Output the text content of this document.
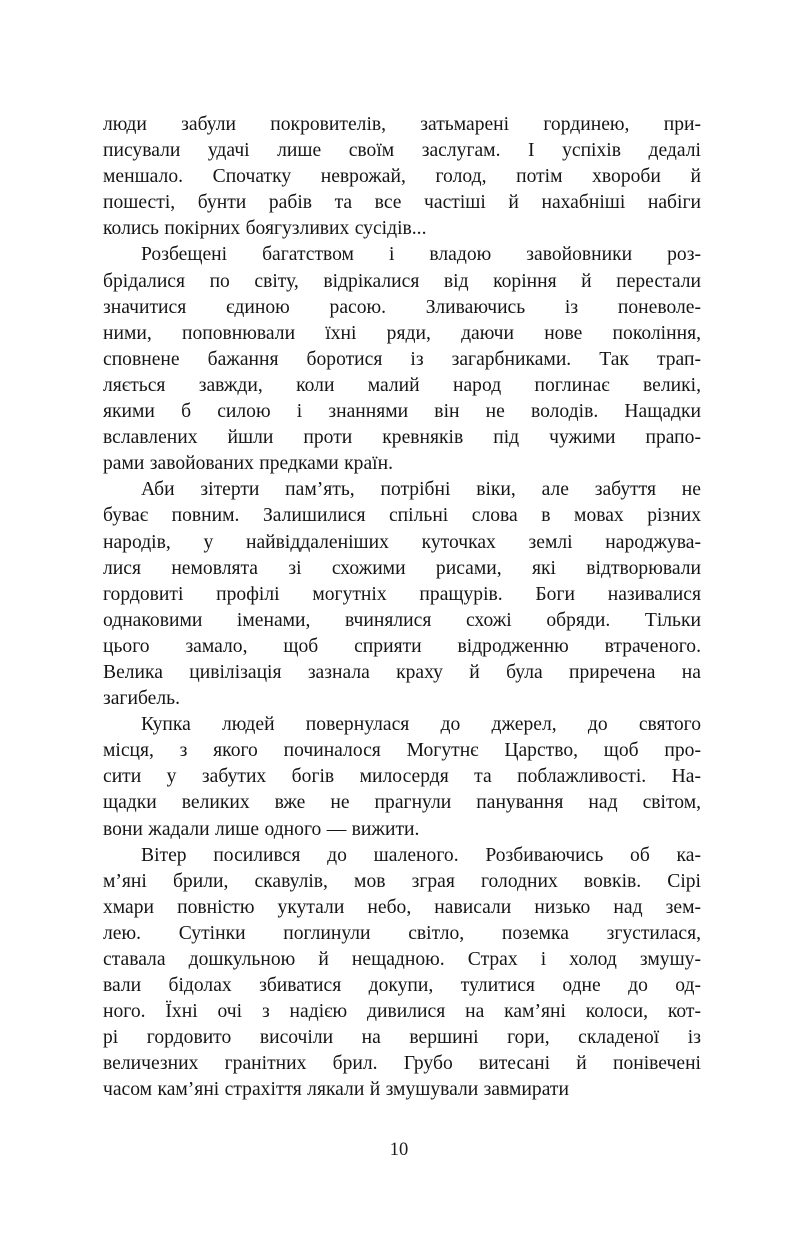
люди забули покровителів, затьмарені гординею, при-
писували удачі лише своїм заслугам. І успіхів дедалі
меншало. Спочатку неврожай, голод, потім хвороби й
пошесті, бунти рабів та все частіші й нахабніші набіги
колись покірних боягузливих сусідів...
Розбещені багатством і владою завойовники роз-
брідалися по світу, відрікалися від коріння й перестали
значитися єдиною расою. Зливаючись із поневоле-
ними, поповнювали їхні ряди, даючи нове покоління,
сповнене бажання боротися із загарбниками. Так трап-
ляється завжди, коли малий народ поглинає великі,
якими б силою і знаннями він не володів. Нащадки
вславлених йшли проти кревняків під чужими прапо-
рами завойованих предками країн.
Аби зітерти пам’ять, потрібні віки, але забуття не
буває повним. Залишилися спільні слова в мовах різних
народів, у найвіддаленіших куточках землі народжува-
лися немовлята зі схожими рисами, які відтворювали
гордовиті профілі могутніх пращурів. Боги називалися
однаковими іменами, вчинялися схожі обряди. Тільки
цього замало, щоб сприяти відродженню втраченого.
Велика цивілізація зазнала краху й була приречена на
загибель.
Купка людей повернулася до джерел, до святого
місця, з якого починалося Могутнє Царство, щоб про-
сити у забутих богів милосердя та поблажливості. На-
щадки великих вже не прагнули панування над світом,
вони жадали лише одного — вижити.
Вітер посилився до шаленого. Розбиваючись об ка-
м’яні брили, скавулів, мов зграя голодних вовків. Сірі
хмари повністю укутали небо, нависали низько над зем-
лею. Сутінки поглинули світло, поземка згустилася,
ставала дошкульною й нещадною. Страх і холод змушу-
вали бідолах збиватися докупи, тулитися одне до од-
ного. Їхні очі з надією дивилися на кам’яні колоси, кот-
рі гордовито височіли на вершині гори, складеної із
величезних гранітних брил. Грубо витесані й понівечені
часом кам’яні страхіття лякали й змушували завмирати
10
